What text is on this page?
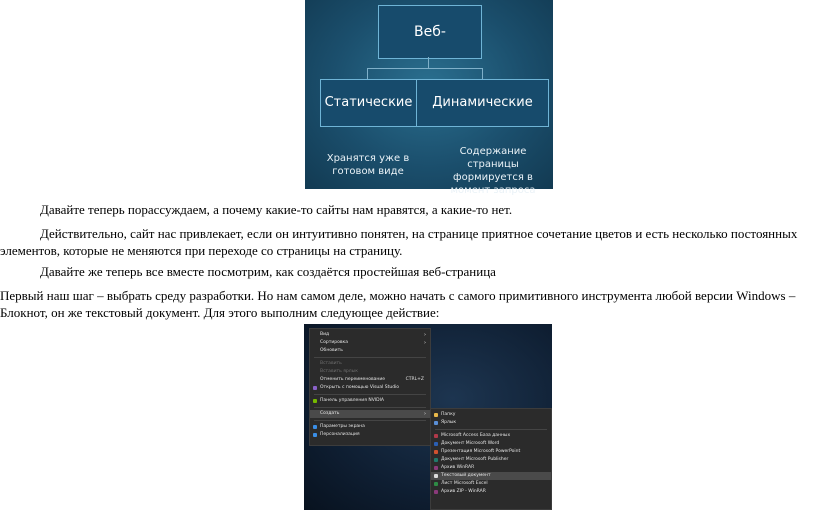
Веб-
Статические	Динамические
Хранятся уже в готовом виде
Содержание страницы формируется в момент запроса

Давайте теперь порассуждаем, а почему какие-то сайты нам нравятся, а какие-то нет.

Действительно, сайт нас привлекает, если он интуитивно понятен, на странице приятное сочетание цветов и есть несколько постоянных элементов, которые не меняются при переходе со страницы на страницу.

Давайте же теперь все вместе посмотрим, как создаётся простейшая веб-страница

Первый наш шаг – выбрать среду разработки. Но нам самом деле, можно начать с самого примитивного инструмента любой версии Windows – Блокнот, он же текстовый документ. Для этого выполним следующее действие:

Вид	›
Сортировка	›
Обновить
Вставить
Вставить ярлык
Отменить переименование	CTRL+Z
Открыть с помощью Visual Studio
Панель управления NVIDIA
Создать	›
Параметры экрана
Персонализация
Папку
Ярлык
Microsoft Access База данных
Документ Microsoft Word
Презентация Microsoft PowerPoint
Документ Microsoft Publisher
Архив WinRAR
Текстовый документ
Лист Microsoft Excel
Архив ZIP - WinRAR
